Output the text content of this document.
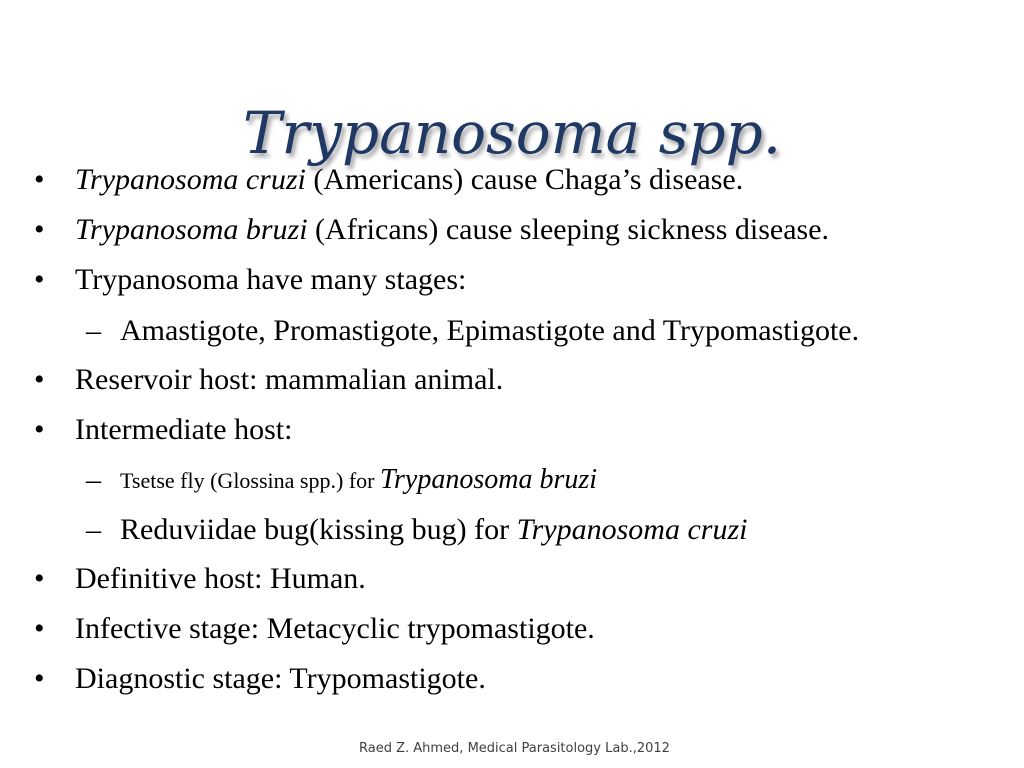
Trypanosoma spp.
• Trypanosoma cruzi (Americans) cause Chaga’s disease.
• Trypanosoma bruzi (Africans) cause sleeping sickness disease.
• Trypanosoma have many stages:
– Amastigote, Promastigote, Epimastigote and Trypomastigote.
• Reservoir host: mammalian animal.
• Intermediate host:
– Tsetse fly (Glossina spp.) for Trypanosoma bruzi
– Reduviidae bug(kissing bug) for Trypanosoma cruzi
• Definitive host: Human.
• Infective stage: Metacyclic trypomastigote.
• Diagnostic stage: Trypomastigote.
Raed Z. Ahmed, Medical Parasitology Lab.,2012
